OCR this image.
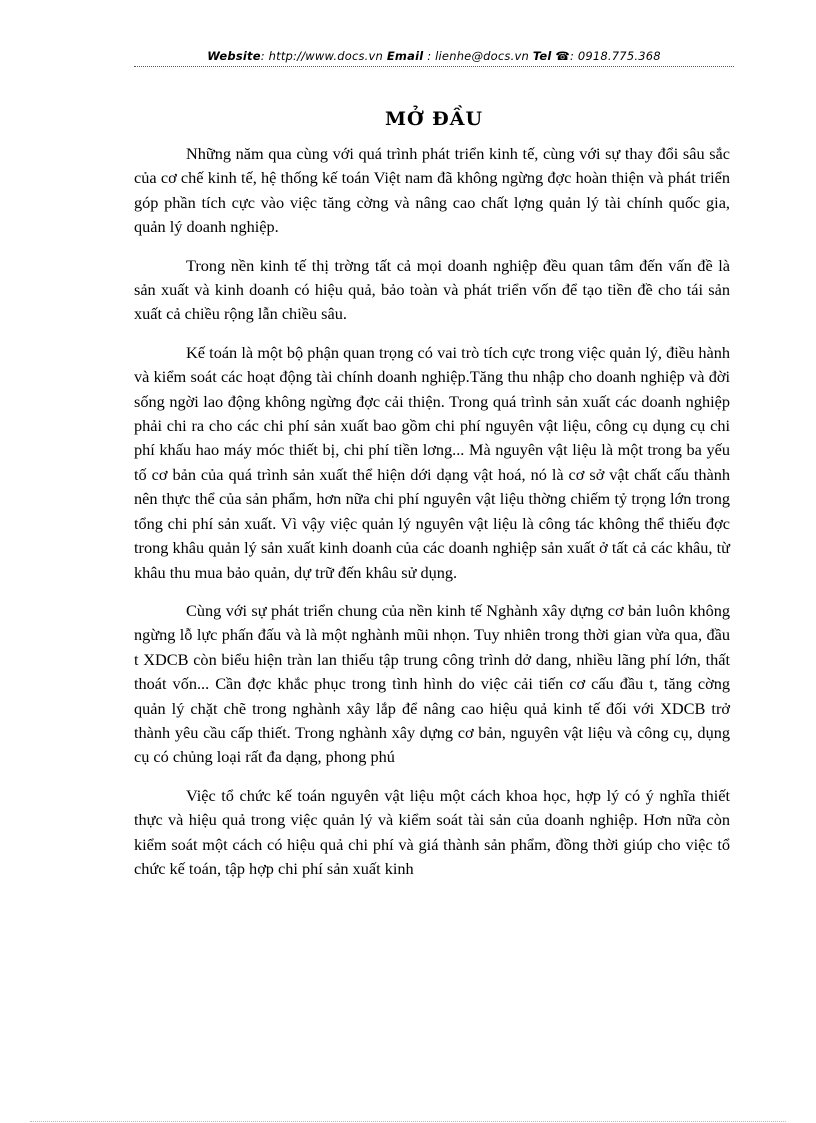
Website: http://www.docs.vn Email : lienhe@docs.vn Tel ☎: 0918.775.368
MỞ ĐẦU

Những năm qua cùng với quá trình phát triển kinh tế, cùng với sự thay đổi sâu sắc của cơ chế kinh tế, hệ thống kế toán Việt nam đã không ngừng đợc hoàn thiện và phát triển góp phần tích cực vào việc tăng cờng và nâng cao chất lợng quản lý tài chính quốc gia, quản lý doanh nghiệp.

Trong nền kinh tế thị trờng tất cả mọi doanh nghiệp đều quan tâm đến vấn đề là sản xuất và kinh doanh có hiệu quả, bảo toàn và phát triển vốn để tạo tiền đề cho tái sản xuất cả chiều rộng lẫn chiều sâu.

Kế toán là một bộ phận quan trọng có vai trò tích cực trong việc quản lý, điều hành và kiểm soát các hoạt động tài chính doanh nghiệp.Tăng thu nhập cho doanh nghiệp và đời sống ngời lao động không ngừng đợc cải thiện. Trong quá trình sản xuất các doanh nghiệp phải chi ra cho các chi phí sản xuất bao gồm chi phí nguyên vật liệu, công cụ dụng cụ chi phí khấu hao máy móc thiết bị, chi phí tiền lơng... Mà nguyên vật liệu là một trong ba yếu tố cơ bản của quá trình sản xuất thể hiện dới dạng vật hoá, nó là cơ sở vật chất cấu thành nên thực thể của sản phẩm, hơn nữa chi phí nguyên vật liệu thờng chiếm tỷ trọng lớn trong tổng chi phí sản xuất. Vì vậy việc quản lý nguyên vật liệu là công tác không thể thiếu đợc trong khâu quản lý sản xuất kinh doanh của các doanh nghiệp sản xuất ở tất cả các khâu, từ khâu thu mua bảo quản, dự trữ đến khâu sử dụng.

Cùng với sự phát triển chung của nền kinh tế Nghành xây dựng cơ bản luôn không ngừng lỗ lực phấn đấu và là một nghành mũi nhọn. Tuy nhiên trong thời gian vừa qua, đầu t XDCB còn biểu hiện tràn lan thiếu tập trung công trình dở dang, nhiều lãng phí lớn, thất thoát vốn... Cần đợc khắc phục trong tình hình do việc cải tiến cơ cấu đầu t, tăng cờng quản lý chặt chẽ trong nghành xây lắp để nâng cao hiệu quả kinh tế đối với XDCB trở thành yêu cầu cấp thiết. Trong nghành xây dựng cơ bản, nguyên vật liệu và công cụ, dụng cụ có chủng loại rất đa dạng, phong phú

Việc tổ chức kế toán nguyên vật liệu một cách khoa học, hợp lý có ý nghĩa thiết thực và hiệu quả trong việc quản lý và kiểm soát tài sản của doanh nghiệp. Hơn nữa còn kiểm soát một cách có hiệu quả chi phí và giá thành sản phẩm, đồng thời giúp cho việc tổ chức kế toán, tập hợp chi phí sản xuất kinh
